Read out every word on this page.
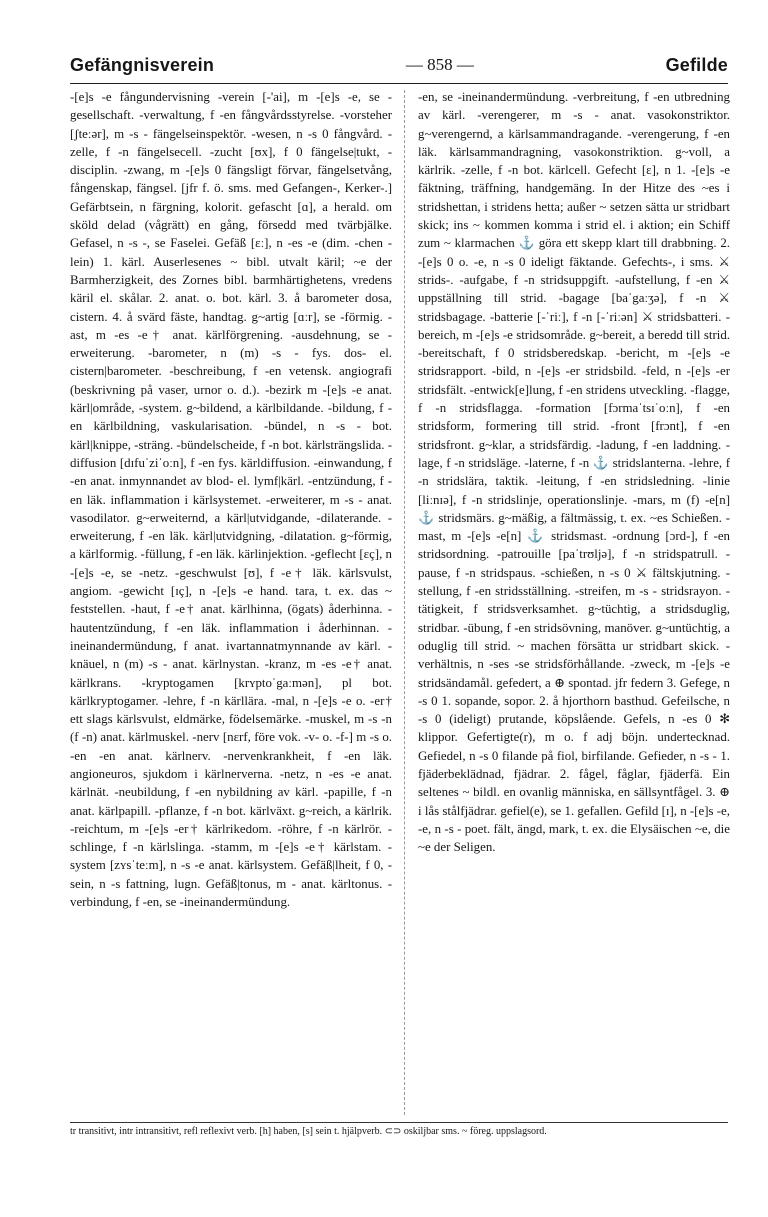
Gefängnisverein	— 858 —	Gefilde

-[e]s -e fångundervisning -verein [-'ai], m -[e]s -e, se -gesellschaft. -verwaltung, f -en fångvårdsstyrelse. -vorsteher [ʃteːər], m -s - fängelseinspektör. -wesen, n -s 0 fångvård. -zelle, f -n fängelsecell. -zucht [ʊx], f 0 fängelse|tukt, -disciplin. -zwang, m -[e]s 0 fängsligt förvar, fängelsetvång, fångenskap, fängsel. [jfr f. ö. sms. med Gefangen-, Kerker-.] Gefärbtsein, n färgning, kolorit. gefascht [ɑ], a herald. om sköld delad (vågrätt) en gång, försedd med tvärbjälke. Gefasel, n -s -, se Faselei. Gefäß [ɛː], n -es -e (dim. -chen -lein) 1. kärl. Auserlesenes ~ bibl. utvalt käril; ~e der Barmherzigkeit, des Zornes bibl. barmhärtighetens, vredens käril el. skålar. 2. anat. o. bot. kärl. 3. å barometer dosa, cistern. 4. å svärd fäste, handtag. g~artig [ɑːr], se -förmig. -ast, m -es -e† anat. kärlförgrening. -ausdehnung, se -erweiterung. -barometer, n (m) -s - fys. dos- el. cistern|barometer. -beschreibung, f -en vetensk. angiografi (beskrivning på vaser, urnor o. d.). -bezirk m -[e]s -e anat. kärl|område, -system. g~bildend, a kärlbildande. -bildung, f -en kärlbildning, vaskularisation. -bündel, n -s - bot. kärl|knippe, -sträng. -bündelscheide, f -n bot. kärlsträngslida. -diffusion [dɪfuˈziˈoːn], f -en fys. kärldiffusion. -einwandung, f -en anat. inmynnandet av blod- el. lymf|kärl. -entzündung, f -en läk. inflammation i kärlsystemet. -erweiterer, m -s - anat. vasodilator. g~erweiternd, a kärl|utvidgande, -dilaterande. -erweiterung, f -en läk. kärl|utvidgning, -dilatation. g~förmig, a kärlformig. -füllung, f -en läk. kärlinjektion. -geflecht [ɛç], n -[e]s -e, se -netz. -geschwulst [ʊ], f -e† läk. kärlsvulst, angiom. -gewicht [ɪç], n -[e]s -e hand. tara, t. ex. das ~ feststellen. -haut, f -e† anat. kärlhinna, (ögats) åderhinna. -hautentzündung, f -en läk. inflammation i åderhinnan. -ineinandermündung, f anat. ivartannatmynnande av kärl. -knäuel, n (m) -s - anat. kärlnystan. -kranz, m -es -e† anat. kärlkrans. -kryptogamen [krʏptoˈgaːmən], pl bot. kärlkryptogamer. -lehre, f -n kärllära. -mal, n -[e]s -e o. -er† ett slags kärlsvulst, eldmärke, födelsemärke. -muskel, m -s -n (f -n) anat. kärlmuskel. -nerv [nɛrf, före vok. -v- o. -f-] m -s o. -en -en anat. kärlnerv. -nervenkrankheit, f -en läk. angioneuros, sjukdom i kärlnerverna. -netz, n -es -e anat. kärlnät. -neubildung, f -en nybildning av kärl. -papille, f -n anat. kärlpapill. -pflanze, f -n bot. kärlväxt. g~reich, a kärlrik. -reichtum, m -[e]s -er† kärlrikedom. -röhre, f -n kärlrör. -schlinge, f -n kärlslinga. -stamm, m -[e]s -e† kärlstam. -system [zʏsˈteːm], n -s -e anat. kärlsystem. Gefäß|lheit, f 0, -sein, n -s fattning, lugn. Gefäß|tonus, m - anat. kärltonus. -verbindung, f -en, se -ineinandermündung.

-en, se -ineinandermündung. -verbreitung, f -en utbredning av kärl. -verengerer, m -s - anat. vasokonstriktor. g~verengernd, a kärlsammandragande. -verengerung, f -en läk. kärlsammandragning, vasokonstriktion. g~voll, a kärlrik. -zelle, f -n bot. kärlcell. Gefecht [ɛ], n 1. -[e]s -e fäktning, träffning, handgemäng. In der Hitze des ~es i stridshettan, i stridens hetta; außer ~ setzen sätta ur stridbart skick; ins ~ kommen komma i strid el. i aktion; ein Schiff zum ~ klarmachen ⚓ göra ett skepp klart till drabbning. 2. -[e]s 0 o. -e, n -s 0 ideligt fäktande. Gefechts-, i sms. ⚔ strids-. -aufgabe, f -n stridsuppgift. -aufstellung, f -en ⚔ uppställning till strid. -bagage [baˈgaːʒə], f -n ⚔ stridsbagage. -batterie [-ˈriː], f -n [-ˈriːən] ⚔ stridsbatteri. -bereich, m -[e]s -e stridsområde. g~bereit, a beredd till strid. -bereitschaft, f 0 stridsberedskap. -bericht, m -[e]s -e stridsrapport. -bild, n -[e]s -er stridsbild. -feld, n -[e]s -er stridsfält. -entwick[e]lung, f -en stridens utveckling. -flagge, f -n stridsflagga. -formation [fɔrmaˈtsɪˈoːn], f -en stridsform, formering till strid. -front [frɔnt], f -en stridsfront. g~klar, a stridsfärdig. -ladung, f -en laddning. -lage, f -n stridsläge. -laterne, f -n ⚓ stridslanterna. -lehre, f -n stridslära, taktik. -leitung, f -en stridsledning. -linie [liːnɪə], f -n stridslinje, operationslinje. -mars, m (f) -e[n] ⚓ stridsmärs. g~mäßig, a fältmässig, t. ex. ~es Schießen. -mast, m -[e]s -e[n] ⚓ stridsmast. -ordnung [ɔrd-], f -en stridsordning. -patrouille [paˈtrʊljə], f -n stridspatrull. -pause, f -n stridspaus. -schießen, n -s 0 ⚔ fältskjutning. -stellung, f -en stridsställning. -streifen, m -s - stridsrayon. -tätigkeit, f stridsverksamhet. g~tüchtig, a stridsduglig, stridbar. -übung, f -en stridsövning, manöver. g~untüchtig, a oduglig till strid. ~ machen försätta ur stridbart skick. -verhältnis, n -ses -se stridsförhållande. -zweck, m -[e]s -e stridsändamål. gefedert, a ⊕ spontad. jfr federn 3. Gefege, n -s 0 1. sopande, sopor. 2. å hjorthorn basthud. Gefeilsche, n -s 0 (ideligt) prutande, köpslående. Gefels, n -es 0 ✻ klippor. Gefertigte(r), m o. f adj böjn. undertecknad. Gefiedel, n -s 0 filande på fiol, birfilande. Gefieder, n -s - 1. fjäderbeklädnad, fjädrar. 2. fågel, fåglar, fjäderfä. Ein seltenes ~ bildl. en ovanlig människa, en sällsyntfågel. 3. ⊕ i lås stålfjädrar. gefiel(e), se 1. gefallen. Gefild [ɪ], n -[e]s -e, -e, n -s - poet. fält, ängd, mark, t. ex. die Elysäischen ~e, die ~e der Seligen.

tr transitivt, intr intransitivt, refl reflexivt verb. [h] haben, [s] sein t. hjälpverb. ⊂⊃ oskiljbar sms. ~ föreg. uppslagsord.
